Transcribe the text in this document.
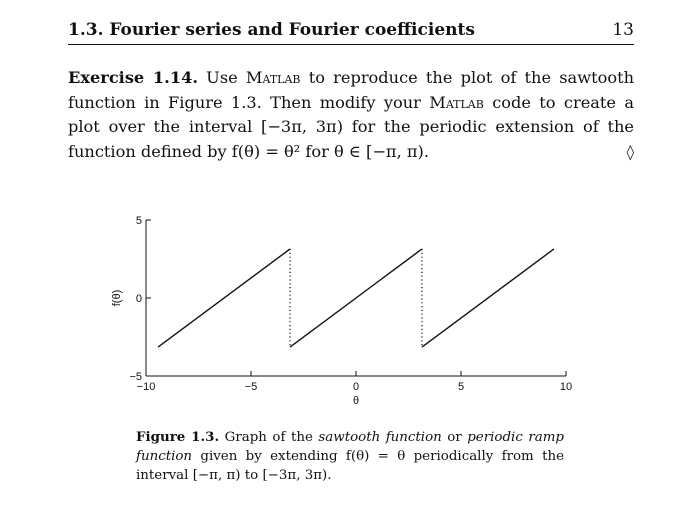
1.3. Fourier series and Fourier coefficients	13
Exercise 1.14. Use Matlab to reproduce the plot of the sawtooth function in Figure 1.3. Then modify your Matlab code to create a plot over the interval [−3π, 3π) for the periodic extension of the function defined by f(θ) = θ² for θ ∈ [−π, π).	◊
−10	−5	0	5	10
−5
0
5
θ
f(θ)
Figure 1.3. Graph of the sawtooth function or periodic ramp function given by extending f(θ) = θ periodically from the interval [−π, π) to [−3π, 3π).
